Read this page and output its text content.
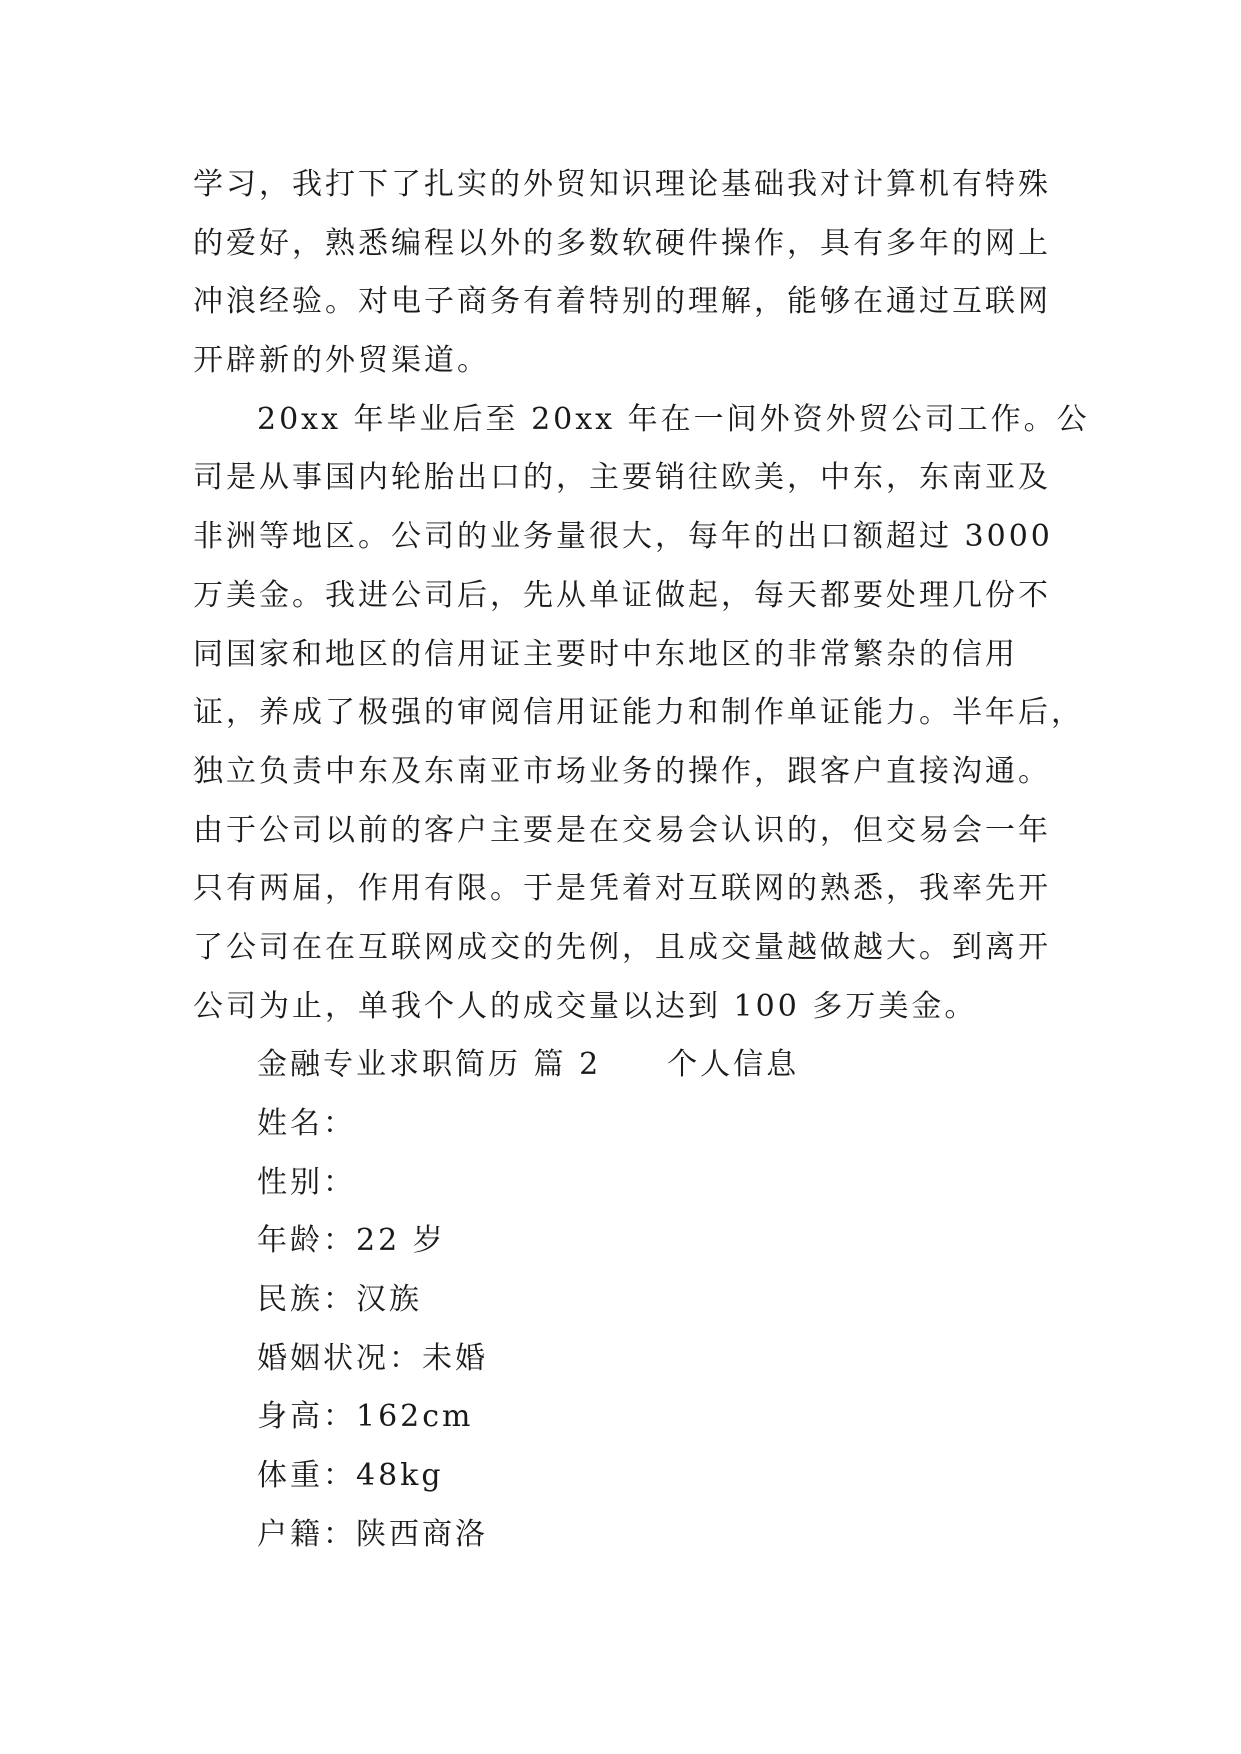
学习，我打下了扎实的外贸知识理论基础我对计算机有特殊
的爱好，熟悉编程以外的多数软硬件操作，具有多年的网上
冲浪经验。对电子商务有着特别的理解，能够在通过互联网
开辟新的外贸渠道。
20xx 年毕业后至 20xx 年在一间外资外贸公司工作。公
司是从事国内轮胎出口的，主要销往欧美，中东，东南亚及
非洲等地区。公司的业务量很大，每年的出口额超过 3000
万美金。我进公司后，先从单证做起，每天都要处理几份不
同国家和地区的信用证主要时中东地区的非常繁杂的信用
证，养成了极强的审阅信用证能力和制作单证能力。半年后，
独立负责中东及东南亚市场业务的操作，跟客户直接沟通。
由于公司以前的客户主要是在交易会认识的，但交易会一年
只有两届，作用有限。于是凭着对互联网的熟悉，我率先开
了公司在在互联网成交的先例，且成交量越做越大。到离开
公司为止，单我个人的成交量以达到 100 多万美金。
金融专业求职简历 篇 2　　个人信息
姓名：
性别：
年龄：22 岁
民族：汉族
婚姻状况：未婚
身高：162cm
体重：48kg
户籍：陕西商洛
